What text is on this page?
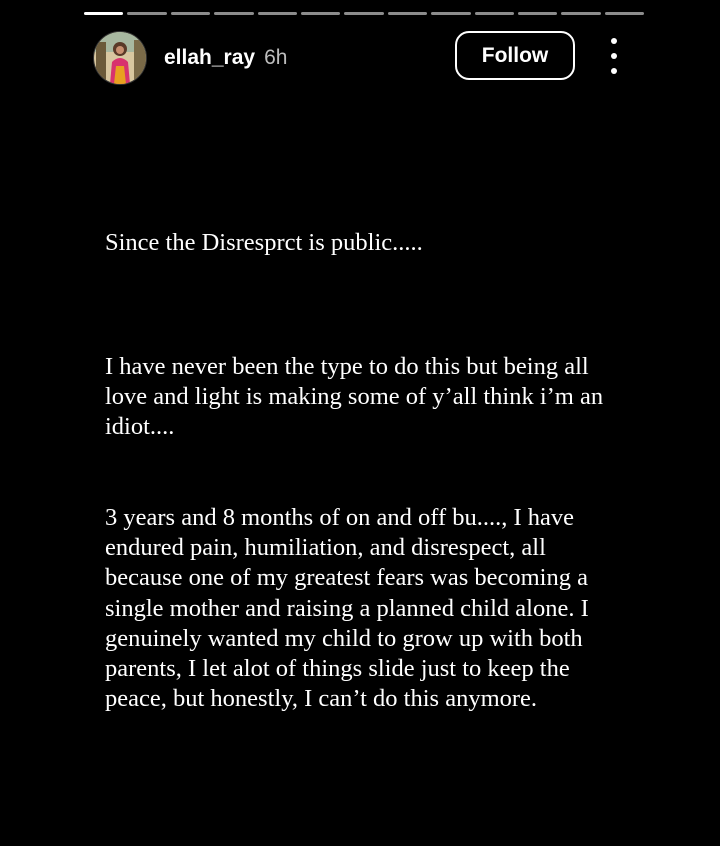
ellah_ray 6h	Follow

Since the Disresprct is public.....

I have never been the type to do this but being all love and light is making some of y’all think i’m an idiot....

3 years and 8 months of on and off bu...., I have endured pain, humiliation, and disrespect, all because one of my greatest fears was becoming a single mother and raising a planned child alone. I genuinely wanted my child to grow up with both parents, I let alot of things slide just to keep the peace, but honestly, I can’t do this anymore.
